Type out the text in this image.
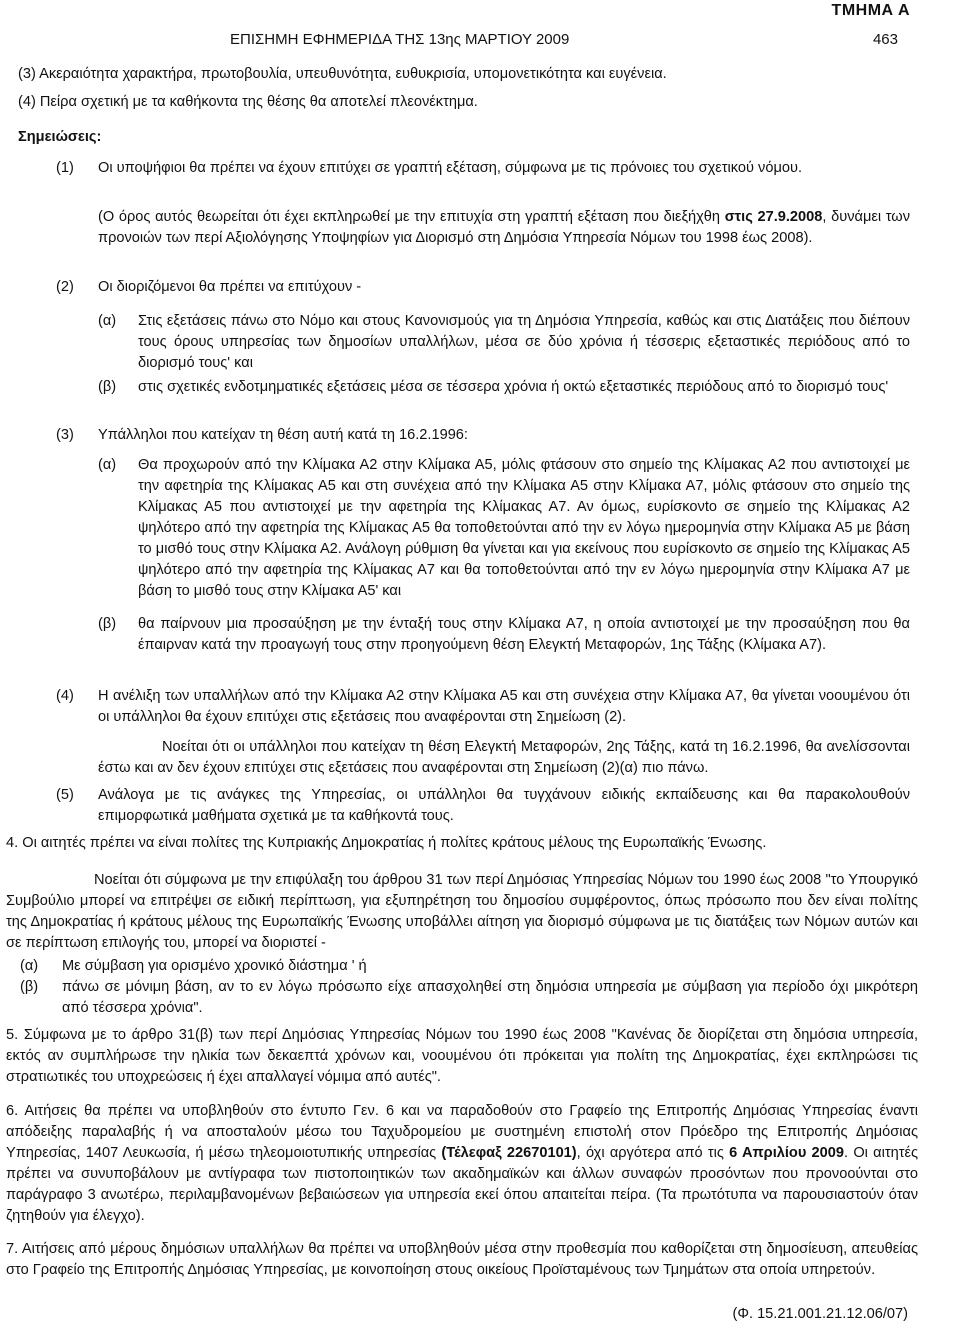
ΤΜΗΜΑ Α
ΕΠΙΣΗΜΗ ΕΦΗΜΕΡΙΔΑ ΤΗΣ 13ης ΜΑΡΤΙΟΥ 2009	463

(3) Ακεραιότητα χαρακτήρα, πρωτοβουλία, υπευθυνότητα, ευθυκρισία, υπομονετικότητα και ευγένεια.

(4) Πείρα σχετική με τα καθήκοντα της θέσης θα αποτελεί πλεονέκτημα.

Σημειώσεις:

(1) Οι υποψήφιοι θα πρέπει να έχουν επιτύχει σε γραπτή εξέταση, σύμφωνα με τις πρόνοιες του σχετικού νόμου.

(Ο όρος αυτός θεωρείται ότι έχει εκπληρωθεί με την επιτυχία στη γραπτή εξέταση που διεξήχθη στις 27.9.2008, δυνάμει των προνοιών των περί Αξιολόγησης Υποψηφίων για Διορισμό στη Δημόσια Υπηρεσία Νόμων του 1998 έως 2008).

(2) Οι διοριζόμενοι θα πρέπει να επιτύχουν -

(α) Στις εξετάσεις πάνω στο Νόμο και στους Κανονισμούς για τη Δημόσια Υπηρεσία, καθώς και στις Διατάξεις που διέπουν τους όρους υπηρεσίας των δημοσίων υπαλλήλων, μέσα σε δύο χρόνια ή τέσσερις εξεταστικές περιόδους από το διορισμό τους' και

(β) στις σχετικές ενδοτμηματικές εξετάσεις μέσα σε τέσσερα χρόνια ή οκτώ εξεταστικές περιόδους από το διορισμό τους'

(3) Υπάλληλοι που κατείχαν τη θέση αυτή κατά τη 16.2.1996:

(α) Θα προχωρούν από την Κλίμακα Α2 στην Κλίμακα Α5, μόλις φτάσουν στο σημείο της Κλίμακας Α2 που αντιστοιχεί με την αφετηρία της Κλίμακας Α5 και στη συνέχεια από την Κλίμακα Α5 στην Κλίμακα Α7, μόλις φτάσουν στο σημείο της Κλίμακας Α5 που αντιστοιχεί με την αφετηρία της Κλίμακας Α7. Αν όμως, ευρίσκονto σε σημείο της Κλίμακας Α2 ψηλότερο από την αφετηρία της Κλίμακας Α5 θα τοποθετούνται από την εν λόγω ημερομηνία στην Κλίμακα Α5 με βάση το μισθό τους στην Κλίμακα Α2. Ανάλογη ρύθμιση θα γίνεται και για εκείνους που ευρίσκονto σε σημείο της Κλίμακας Α5 ψηλότερο από την αφετηρία της Κλίμακας Α7 και θα τοποθετούνται από την εν λόγω ημερομηνία στην Κλίμακα Α7 με βάση το μισθό τους στην Κλίμακα Α5' και

(β) θα παίρνουν μια προσαύξηση με την ένταξή τους στην Κλίμακα Α7, η οποία αντιστοιχεί με την προσαύξηση που θα έπαιρναν κατά την προαγωγή τους στην προηγούμενη θέση Ελεγκτή Μεταφορών, 1ης Τάξης (Κλίμακα Α7).

(4) Η ανέλιξη των υπαλλήλων από την Κλίμακα Α2 στην Κλίμακα Α5 και στη συνέχεια στην Κλίμακα Α7, θα γίνεται νοουμένου ότι οι υπάλληλοι θα έχουν επιτύχει στις εξετάσεις που αναφέρονται στη Σημείωση (2).

Νοείται ότι οι υπάλληλοι που κατείχαν τη θέση Ελεγκτή Μεταφορών, 2ης Τάξης, κατά τη 16.2.1996, θα ανελίσσονται έστω και αν δεν έχουν επιτύχει στις εξετάσεις που αναφέρονται στη Σημείωση (2)(α) πιο πάνω.

(5) Ανάλογα με τις ανάγκες της Υπηρεσίας, οι υπάλληλοι θα τυγχάνουν ειδικής εκπαίδευσης και θα παρακολουθούν επιμορφωτικά μαθήματα σχετικά με τα καθήκοντά τους.

4. Οι αιτητές πρέπει να είναι πολίτες της Κυπριακής Δημοκρατίας ή πολίτες κράτους μέλους της Ευρωπαϊκής Ένωσης.

Νοείται ότι σύμφωνα με την επιφύλαξη του άρθρου 31 των περί Δημόσιας Υπηρεσίας Νόμων του 1990 έως 2008 "το Υπουργικό Συμβούλιο μπορεί να επιτρέψει σε ειδική περίπτωση, για εξυπηρέτηση του δημοσίου συμφέροντος, όπως πρόσωπο που δεν είναι πολίτης της Δημοκρατίας ή κράτους μέλους της Ευρωπαϊκής Ένωσης υποβάλλει αίτηση για διορισμό σύμφωνα με τις διατάξεις των Νόμων αυτών και σε περίπτωση επιλογής του, μπορεί να διοριστεί -

(α) Με σύμβαση για ορισμένο χρονικό διάστημα ' ή

(β) πάνω σε μόνιμη βάση, αν το εν λόγω πρόσωπο είχε απασχοληθεί στη δημόσια υπηρεσία με σύμβαση για περίοδο όχι μικρότερη από τέσσερα χρόνια".

5. Σύμφωνα με το άρθρο 31(β) των περί Δημόσιας Υπηρεσίας Νόμων του 1990 έως 2008 "Κανένας δε διορίζεται στη δημόσια υπηρεσία, εκτός αν συμπλήρωσε την ηλικία των δεκαεπτά χρόνων και, νοουμένου ότι πρόκειται για πολίτη της Δημοκρατίας, έχει εκπληρώσει τις στρατιωτικές του υποχρεώσεις ή έχει απαλλαγεί νόμιμα από αυτές".

6. Αιτήσεις θα πρέπει να υποβληθούν στο έντυπο Γεν. 6 και να παραδοθούν στο Γραφείο της Επιτροπής Δημόσιας Υπηρεσίας έναντι απόδειξης παραλαβής ή να αποσταλούν μέσω του Ταχυδρομείου με συστημένη επιστολή στον Πρόεδρο της Επιτροπής Δημόσιας Υπηρεσίας, 1407 Λευκωσία, ή μέσω τηλεομοιοτυπικής υπηρεσίας (Τέλεφαξ 22670101), όχι αργότερα από τις 6 Απριλίου 2009. Οι αιτητές πρέπει να συνυποβάλουν με αντίγραφα των πιστοποιητικών των ακαδημαϊκών και άλλων συναφών προσόντων που προνοούνται στο παράγραφο 3 ανωτέρω, περιλαμβανομένων βεβαιώσεων για υπηρεσία εκεί όπου απαιτείται πείρα. (Τα πρωτότυπα να παρουσιαστούν όταν ζητηθούν για έλεγχο).

7. Αιτήσεις από μέρους δημόσιων υπαλλήλων θα πρέπει να υποβληθούν μέσα στην προθεσμία που καθορίζεται στη δημοσίευση, απευθείας στο Γραφείο της Επιτροπής Δημόσιας Υπηρεσίας, με κοινοποίηση στους οικείους Προϊσταμένους των Τμημάτων στα οποία υπηρετούν.

(Φ. 15.21.001.21.12.06/07)
